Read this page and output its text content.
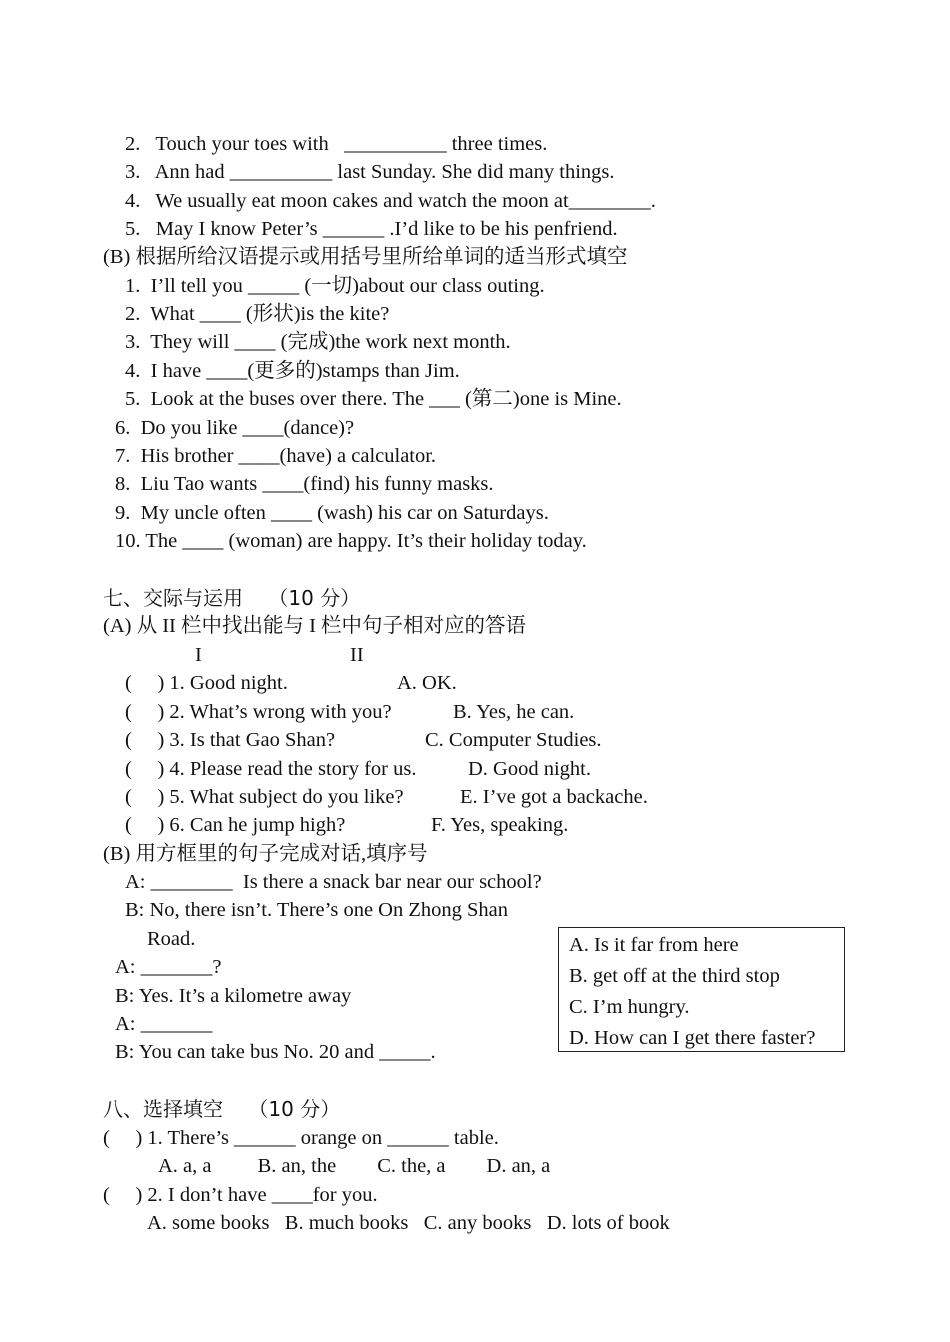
2.   Touch your toes with   __________ three times.
3.   Ann had __________ last Sunday. She did many things.
4.   We usually eat moon cakes and watch the moon at________.
5.   May I know Peter’s ______ .I’d like to be his penfriend.
(B) 根据所给汉语提示或用括号里所给单词的适当形式填空
1.  I’ll tell you _____ (一切)about our class outing.
2.  What ____ (形状)is the kite?
3.  They will ____ (完成)the work next month.
4.  I have ____(更多的)stamps than Jim.
5.  Look at the buses over there. The ___ (第二)one is Mine.
6.  Do you like ____(dance)?
7.  His brother ____(have) a calculator.
8.  Liu Tao wants ____(find) his funny masks.
9.  My uncle often ____ (wash) his car on Saturdays.
10. The ____ (woman) are happy. It’s their holiday today.
七、交际与运用    （10 分）
(A) 从 II 栏中找出能与 I 栏中句子相对应的答语
I	II
(     ) 1. Good night.	A. OK.
(     ) 2. What’s wrong with you?	B. Yes, he can.
(     ) 3. Is that Gao Shan?	C. Computer Studies.
(     ) 4. Please read the story for us.	D. Good night.
(     ) 5. What subject do you like?	E. I’ve got a backache.
(     ) 6. Can he jump high?	F. Yes, speaking.
(B) 用方框里的句子完成对话,填序号
A: ________  Is there a snack bar near our school?
B: No, there isn’t. There’s one On Zhong Shan
Road.
A: _______?
B: Yes. It’s a kilometre away
A: _______
B: You can take bus No. 20 and _____.
A. Is it far from here
B. get off at the third stop
C. I’m hungry.
D. How can I get there faster?
八、选择填空    （10 分）
(     ) 1. There’s ______ orange on ______ table.
A. a, a         B. an, the        C. the, a        D. an, a
(     ) 2. I don’t have ____for you.
A. some books   B. much books   C. any books   D. lots of book
